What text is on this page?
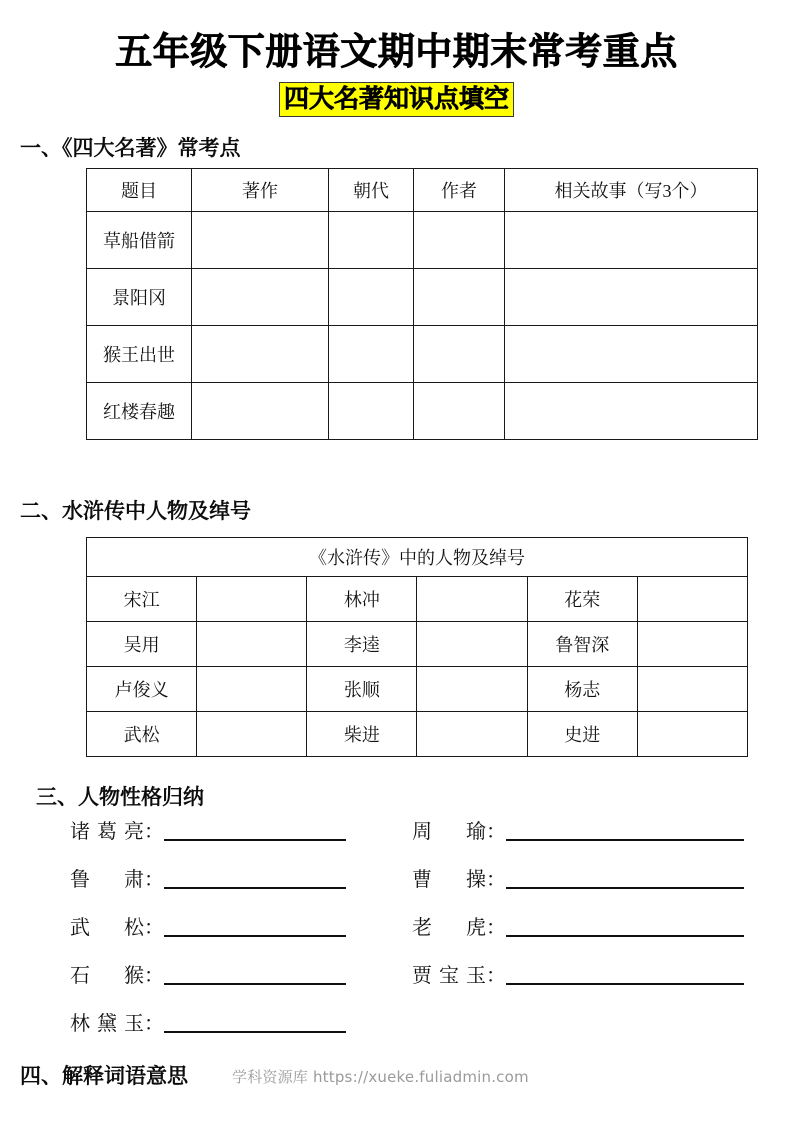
五年级下册语文期中期末常考重点
四大名著知识点填空
一、《四大名著》常考点
题目	著作	朝代	作者	相关故事（写3个）
草船借箭				
景阳冈				
猴王出世				
红楼春趣				
二、水浒传中人物及绰号
《水浒传》中的人物及绰号					
宋江		林冲		花荣	
吴用		李逵		鲁智深	
卢俊义		张顺		杨志	
武松		柴进		史进	
三、人物性格归纳
诸葛亮 ：	周瑜 ：
鲁肃 ：	曹操 ：
武松 ：	老虎 ：
石猴 ：	贾宝玉 ：
林黛玉 ：
四、解释词语意思	学科资源库 https://xueke.fuliadmin.com
